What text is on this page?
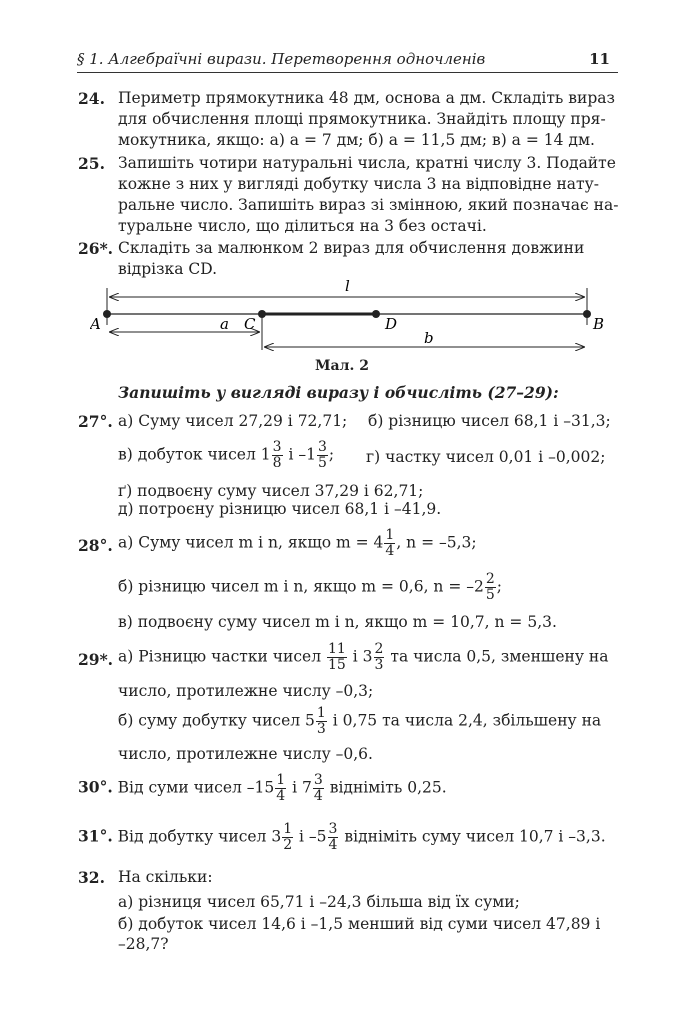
§ 1. Алгебраїчні вирази. Перетворення одночленів	11
24. Периметр прямокутника 48 дм, основа a дм. Складіть вираз
для обчислення площі прямокутника. Знайдіть площу пря-
мокутника, якщо: а) a = 7 дм; б) a = 11,5 дм; в) a = 14 дм.
25. Запишіть чотири натуральні числа, кратні числу 3. Подайте
кожне з них у вигляді добутку числа 3 на відповідне нату-
ральне число. Запишіть вираз зі змінною, який позначає на-
туральне число, що ділиться на 3 без остачі.
26*. Складіть за малюнком 2 вираз для обчислення довжини
відрізка CD.
l
A	a C	D
b
B
Мал. 2
Запишіть у вигляді виразу і обчисліть (27–29):
27°. а) Суму чисел 27,29 і 72,71; б) різницю чисел 68,1 і –31,3;
в) добуток чисел $1 \frac{3}{8}$ і $-1 \frac{3}{5}$ ; г) частку чисел 0,01 і –0,002;
ґ) подвоєну суму чисел 37,29 і 62,71;
д) потроєну різницю чисел 68,1 і –41,9.
28°. а) Суму чисел m і n, якщо $m = 4 \frac{1}{4}$ , n = –5,3;
б) різницю чисел m і n, якщо m = 0,6, $n = -2 \frac{2}{5}$ ;
в) подвоєну суму чисел m і n, якщо m = 10,7, n = 5,3.
29*. а) Різницю частки чисел $\frac{11}{15}$ і $3 \frac{2}{3}$ та числа 0,5, зменшену на
число, протилежне числу –0,3;
б) суму добутку чисел $5 \frac{1}{3}$ і 0,75 та числа 2,4, збільшену на
число, протилежне числу –0,6.
30°. Від суми чисел $-15 \frac{1}{4}$ і $7 \frac{3}{4}$ відніміть 0,25.
31°. Від добутку чисел $3 \frac{1}{2}$ і $-5 \frac{3}{4}$ відніміть суму чисел 10,7 і –3,3.
32. На скільки:
а) різниця чисел 65,71 і –24,3 більша від їх суми;
б) добуток чисел 14,6 і –1,5 менший від суми чисел 47,89 і
–28,7?
